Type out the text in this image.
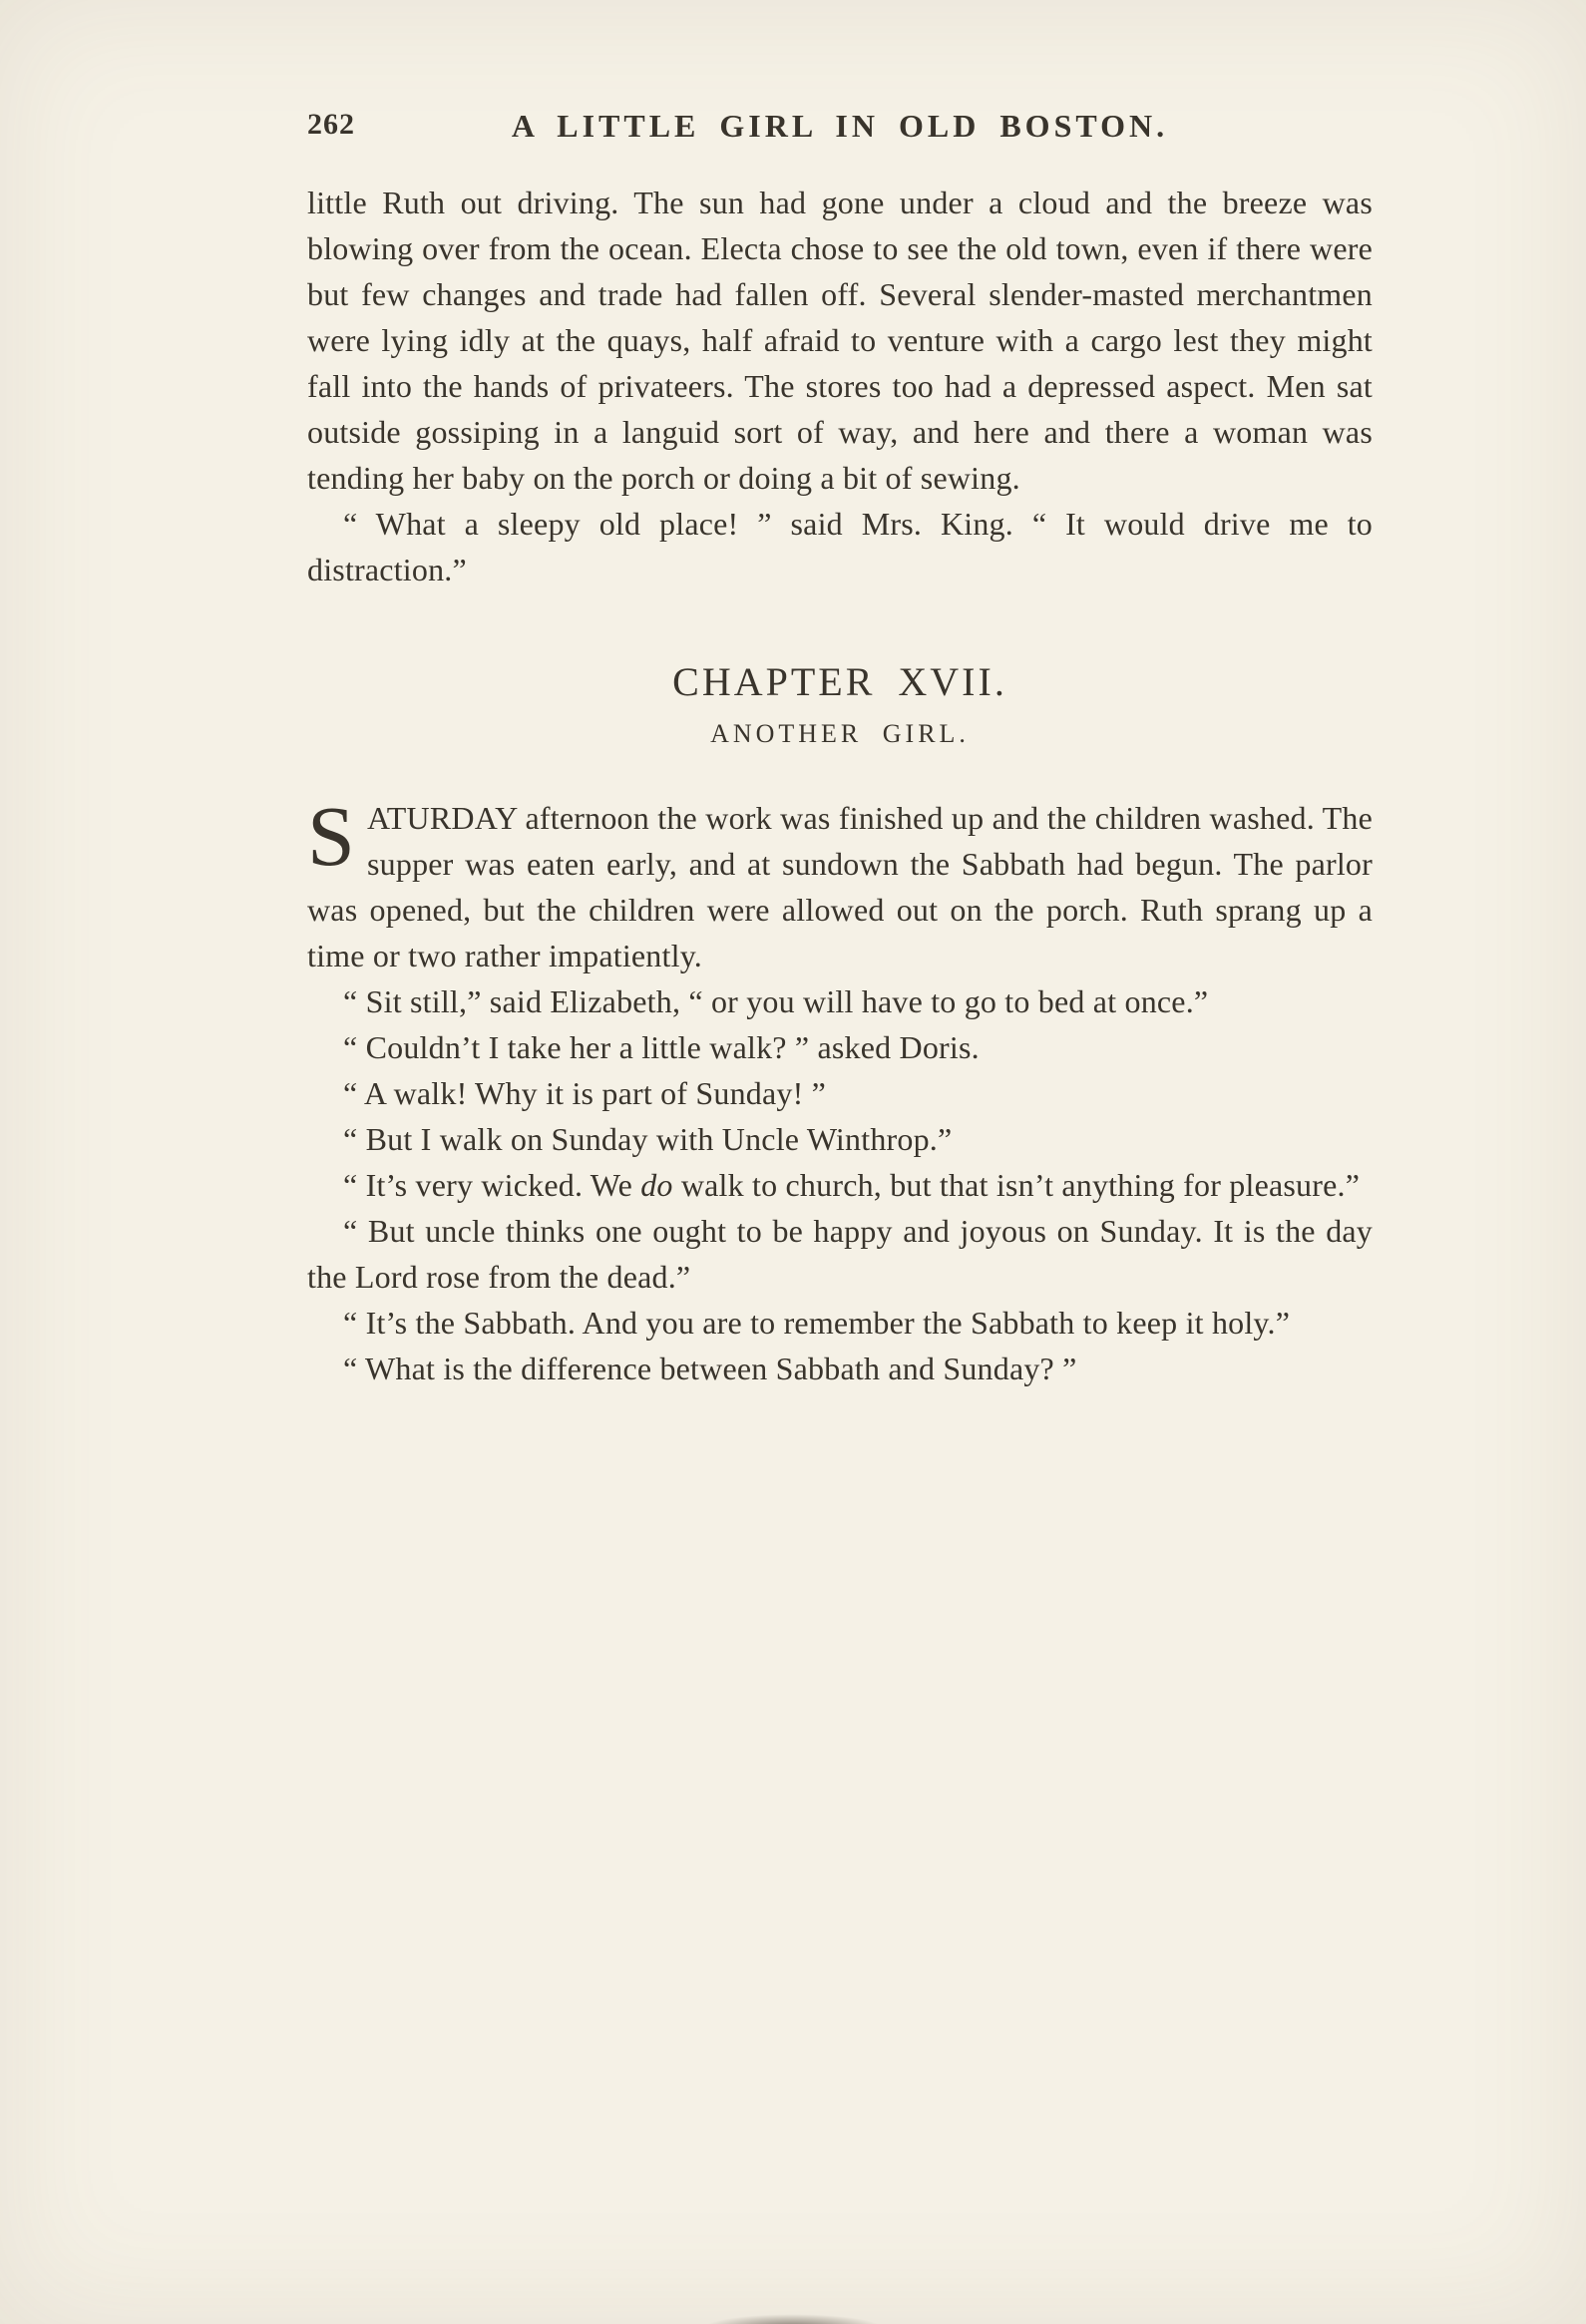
262	A LITTLE GIRL IN OLD BOSTON.

little Ruth out driving. The sun had gone under a cloud and the breeze was blowing over from the ocean. Electa chose to see the old town, even if there were but few changes and trade had fallen off. Several slender-masted merchantmen were lying idly at the quays, half afraid to venture with a cargo lest they might fall into the hands of privateers. The stores too had a depressed aspect. Men sat outside gossiping in a languid sort of way, and here and there a woman was tending her baby on the porch or doing a bit of sewing.

“ What a sleepy old place! ” said Mrs. King. “ It would drive me to distraction.”

CHAPTER XVII.
ANOTHER GIRL.

SATURDAY afternoon the work was finished up and the children washed. The supper was eaten early, and at sundown the Sabbath had begun. The parlor was opened, but the children were allowed out on the porch. Ruth sprang up a time or two rather impatiently.

“ Sit still,” said Elizabeth, “ or you will have to go to bed at once.”

“ Couldn’t I take her a little walk? ” asked Doris.

“ A walk! Why it is part of Sunday! ”

“ But I walk on Sunday with Uncle Winthrop.”

“ It’s very wicked. We do walk to church, but that isn’t anything for pleasure.”

“ But uncle thinks one ought to be happy and joyous on Sunday. It is the day the Lord rose from the dead.”

“ It’s the Sabbath. And you are to remember the Sabbath to keep it holy.”

“ What is the difference between Sabbath and Sunday? ”
